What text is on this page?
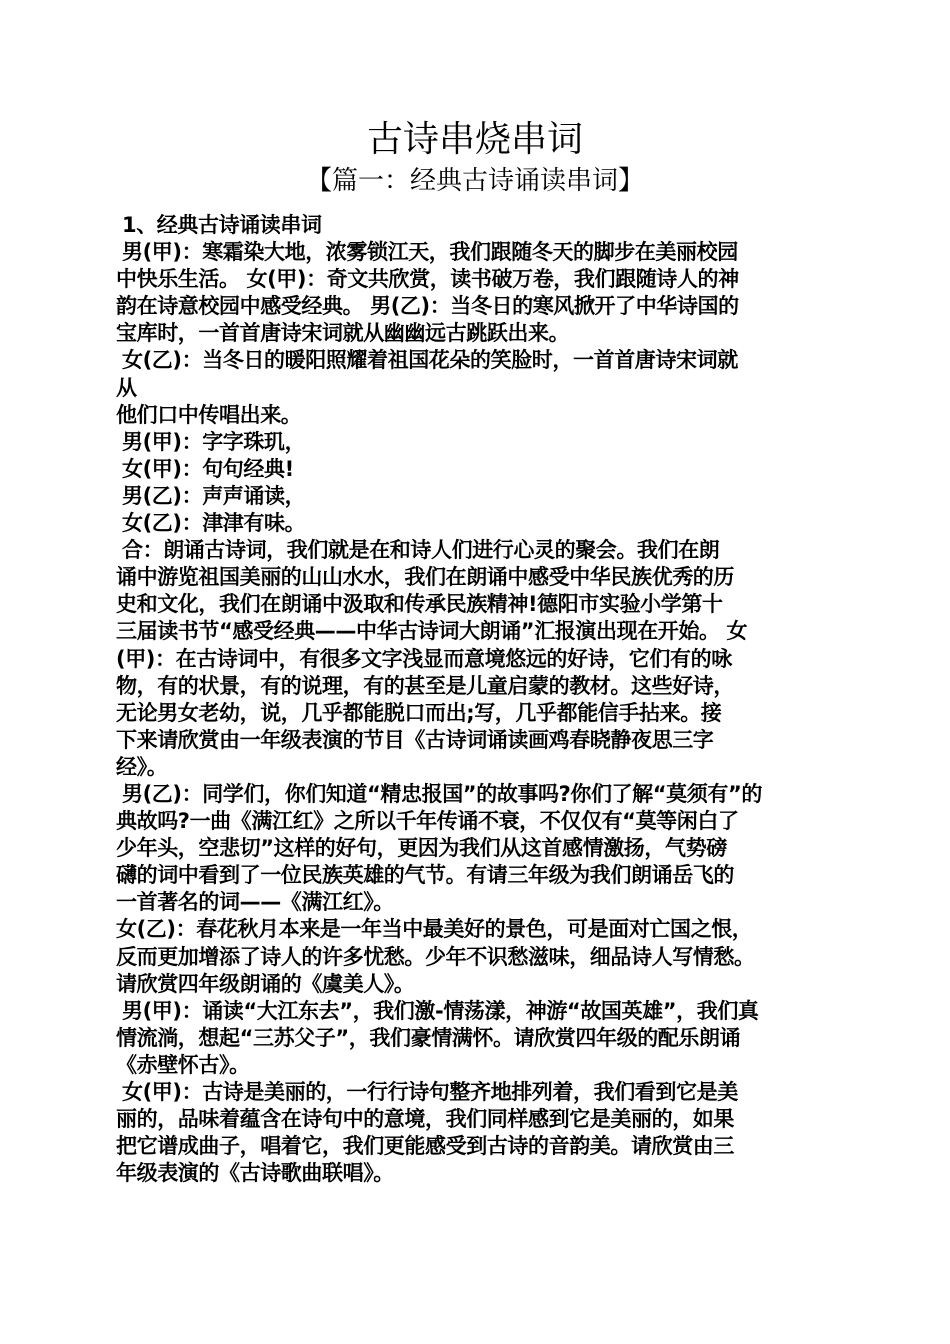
古诗串烧串词
【篇一：经典古诗诵读串词】
1、经典古诗诵读串词
男(甲)：寒霜染大地，浓雾锁江天，我们跟随冬天的脚步在美丽校园
中快乐生活。 女(甲)：奇文共欣赏，读书破万卷，我们跟随诗人的神
韵在诗意校园中感受经典。 男(乙)：当冬日的寒风掀开了中华诗国的
宝库时，一首首唐诗宋词就从幽幽远古跳跃出来。
女(乙)：当冬日的暖阳照耀着祖国花朵的笑脸时，一首首唐诗宋词就
从
他们口中传唱出来。
男(甲)：字字珠玑，
女(甲)：句句经典!
男(乙)：声声诵读，
女(乙)：津津有味。
合：朗诵古诗词，我们就是在和诗人们进行心灵的聚会。我们在朗
诵中游览祖国美丽的山山水水，我们在朗诵中感受中华民族优秀的历
史和文化，我们在朗诵中汲取和传承民族精神!德阳市实验小学第十
三届读书节“感受经典——中华古诗词大朗诵”汇报演出现在开始。 女
(甲)：在古诗词中，有很多文字浅显而意境悠远的好诗，它们有的咏
物，有的状景，有的说理，有的甚至是儿童启蒙的教材。这些好诗，
无论男女老幼，说，几乎都能脱口而出;写，几乎都能信手拈来。接
下来请欣赏由一年级表演的节目《古诗词诵读画鸡春晓静夜思三字
经》。
男(乙)：同学们，你们知道“精忠报国”的故事吗?你们了解“莫须有”的
典故吗?一曲《满江红》之所以千年传诵不衰，不仅仅有“莫等闲白了
少年头，空悲切”这样的好句，更因为我们从这首感情激扬，气势磅
礴的词中看到了一位民族英雄的气节。有请三年级为我们朗诵岳飞的
一首著名的词——《满江红》。
女(乙)：春花秋月本来是一年当中最美好的景色，可是面对亡国之恨，
反而更加增添了诗人的许多忧愁。少年不识愁滋味，细品诗人写情愁。
请欣赏四年级朗诵的《虞美人》。
男(甲)：诵读“大江东去”，我们激-情荡漾，神游“故国英雄”，我们真
情流淌，想起“三苏父子”，我们豪情满怀。请欣赏四年级的配乐朗诵
《赤壁怀古》。
女(甲)：古诗是美丽的，一行行诗句整齐地排列着，我们看到它是美
丽的，品味着蕴含在诗句中的意境，我们同样感到它是美丽的，如果
把它谱成曲子，唱着它，我们更能感受到古诗的音韵美。请欣赏由三
年级表演的《古诗歌曲联唱》。
